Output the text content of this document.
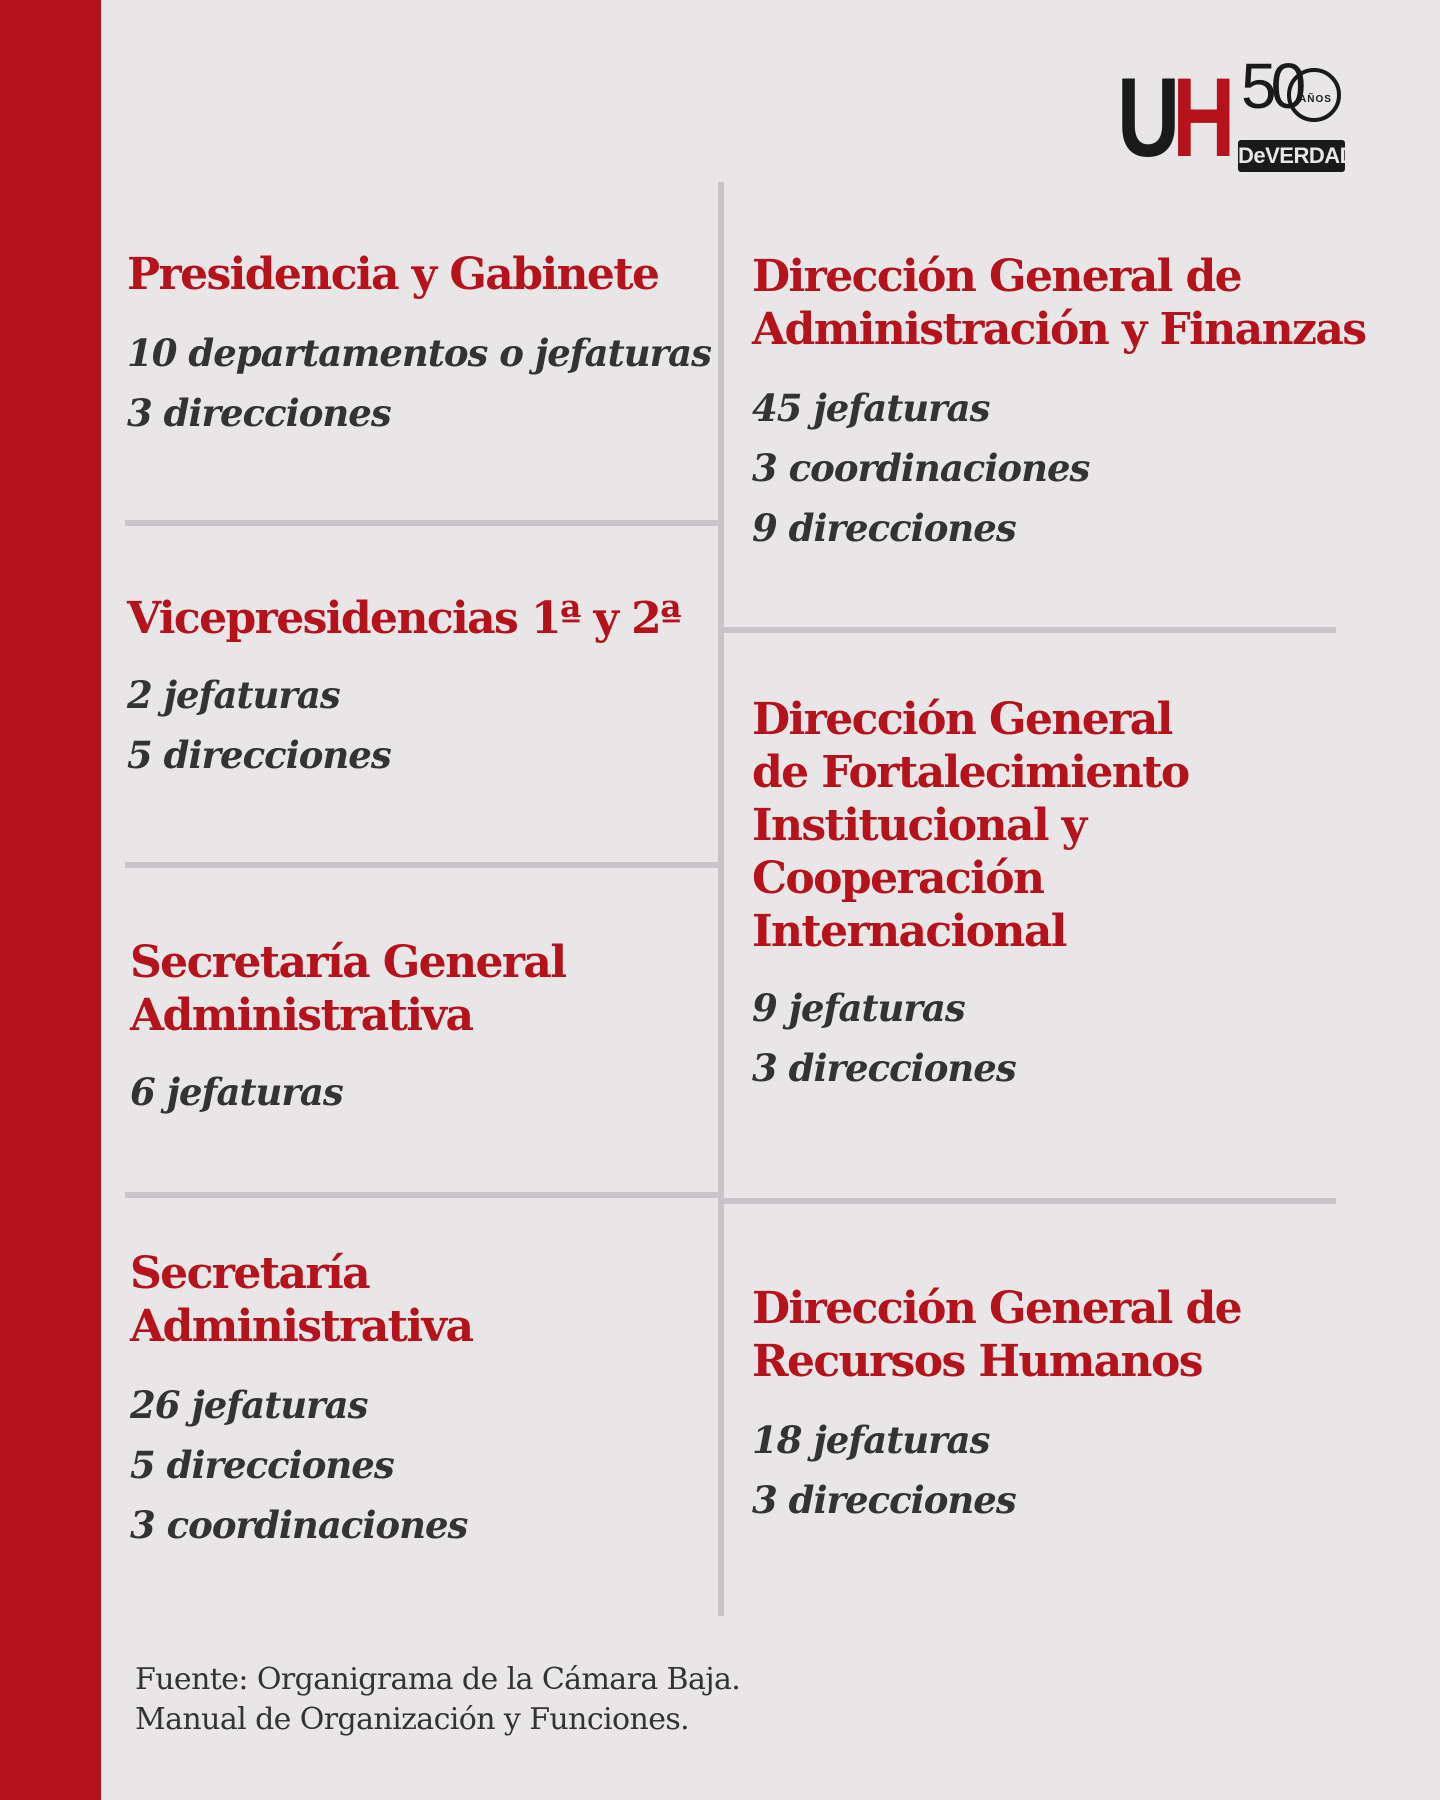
UH 50
AÑOS
DeVERDAD
Presidencia y Gabinete
10 departamentos o jefaturas
3 direcciones
Vicepresidencias 1ª y 2ª
2 jefaturas
5 direcciones
Secretaría General Administrativa
6 jefaturas
Secretaría Administrativa
26 jefaturas
5 direcciones
3 coordinaciones
Dirección General de Administración y Finanzas
45 jefaturas
3 coordinaciones
9 direcciones
Dirección General de Fortalecimiento Institucional y Cooperación Internacional
9 jefaturas
3 direcciones
Dirección General de Recursos Humanos
18 jefaturas
3 direcciones
Fuente: Organigrama de la Cámara Baja.
Manual de Organización y Funciones.
